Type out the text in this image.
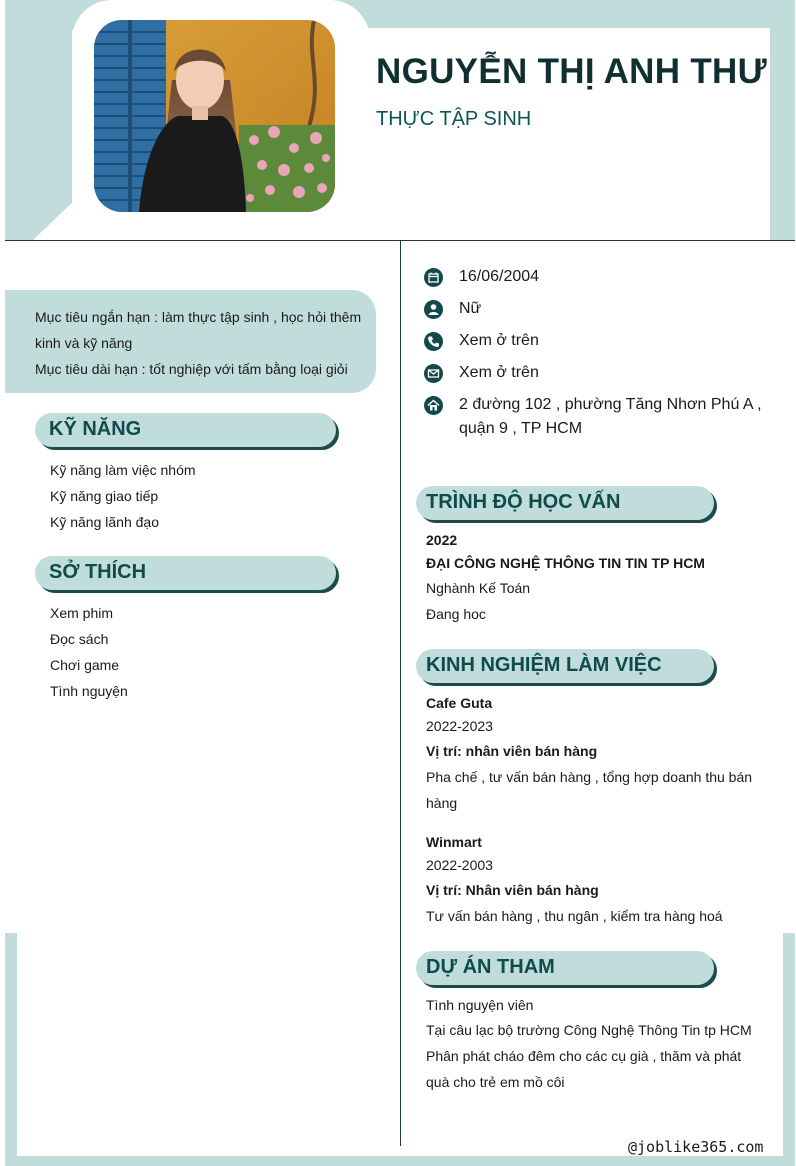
NGUYỄN THỊ ANH THƯ
THỰC TẬP SINH

Mục tiêu ngắn hạn : làm thực tập sinh , học hỏi thêm

kinh và kỹ năng

Mục tiêu dài hạn : tốt nghiệp với tấm bằng loại giỏi

KỸ NĂNG
Kỹ năng làm việc nhóm
Kỹ năng giao tiếp
Kỹ năng lãnh đạo
SỞ THÍCH
Xem phim
Đọc sách
Chơi game
Tình nguyện
16/06/2004
Nữ
Xem ở trên
Xem ở trên
2 đường 102 , phường Tăng Nhơn Phú A ,
quận 9 , TP HCM
TRÌNH ĐỘ HỌC VẤN
2022
ĐẠI CÔNG NGHỆ THÔNG TIN TIN TP HCM
Nghành Kế Toán
Đang hoc
KINH NGHIỆM LÀM VIỆC
Cafe Guta
2022-2023
Vị trí: nhân viên bán hàng
Pha chế , tư vấn bán hàng , tổng hợp doanh thu bán
hàng
Winmart
2022-2003
Vị trí: Nhân viên bán hàng
Tư vấn bán hàng , thu ngân , kiểm tra hàng hoá
DỰ ÁN THAM
Tình nguyện viên
Tại câu lạc bộ trường Công Nghệ Thông Tin tp HCM
Phân phát cháo đêm cho các cụ già , thăm và phát
quà cho trẻ em mồ côi
@joblike365.com
